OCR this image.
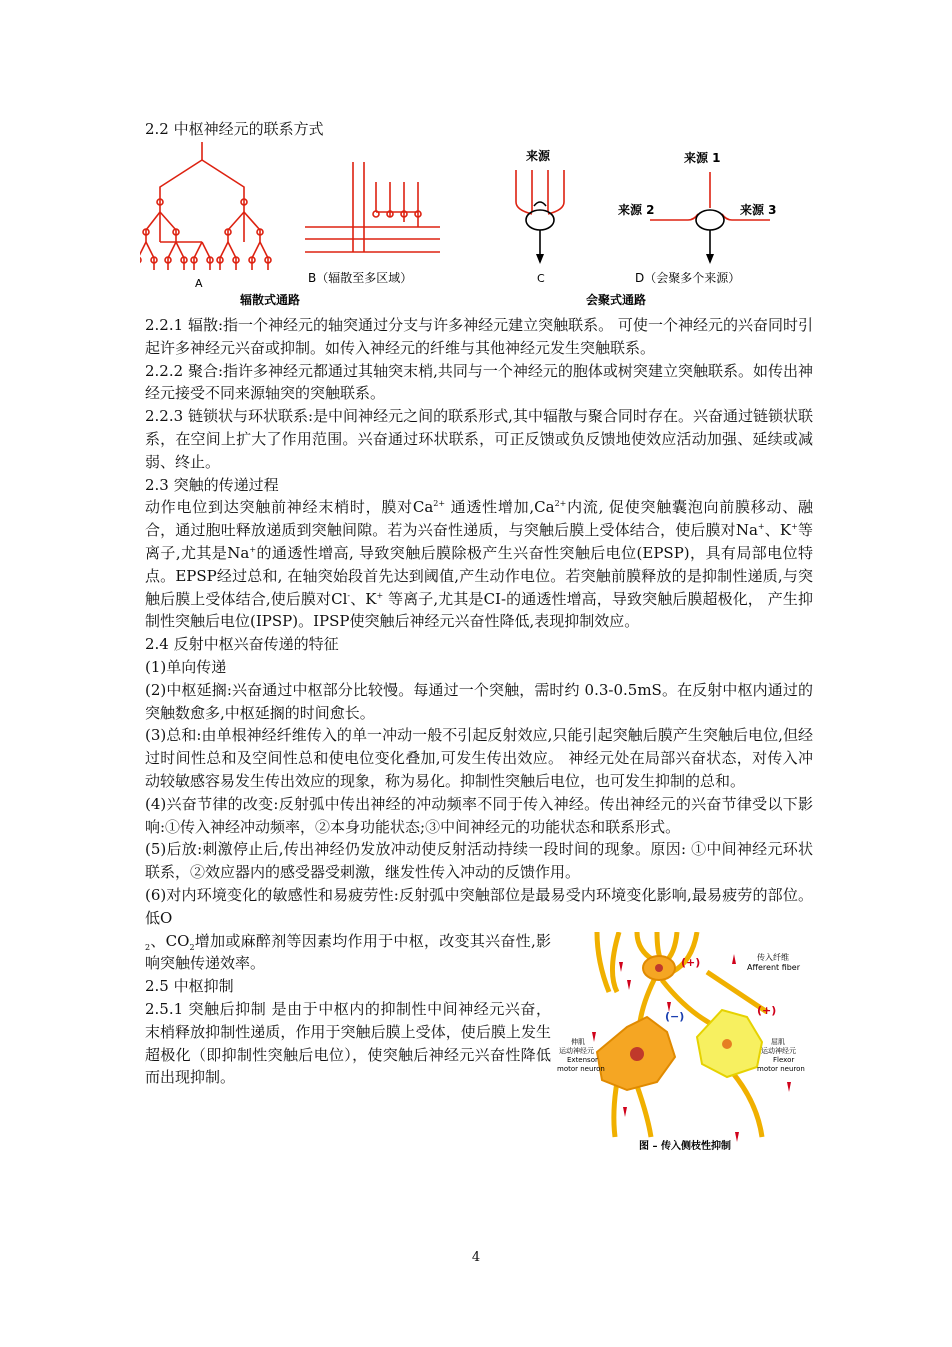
2.2 中枢神经元的联系方式
A	B（辐散至多区域）	C	D（会聚多个来源）
辐散式通路	会聚式通路
来源	来源 1
来源 2	来源 3

2.2.1 辐散:指一个神经元的轴突通过分支与许多神经元建立突触联系。 可使一个神经元的兴奋同时引起许多神经元兴奋或抑制。如传入神经元的纤维与其他神经元发生突触联系。

2.2.2 聚合:指许多神经元都通过其轴突末梢,共同与一个神经元的胞体或树突建立突触联系。如传出神经元接受不同来源轴突的突触联系。

2.2.3 链锁状与环状联系:是中间神经元之间的联系形式,其中辐散与聚合同时存在。兴奋通过链锁状联系，在空间上扩大了作用范围。兴奋通过环状联系，可正反馈或负反馈地使效应活动加强、延续或减弱、终止。

2.3 突触的传递过程

动作电位到达突触前神经末梢时，膜对$Ca^{2+}$ 通透性增加$,Ca^{2+}$内流, 促使突触囊泡向前膜移动、融合，通过胞吐释放递质到突触间隙。若为兴奋性递质，与突触后膜上受体结合，使后膜对Na+、K+等离子,尤其是Na+的通透性增高, 导致突触后膜除极产生兴奋性突触后电位(EPSP)，具有局部电位特点。EPSP经过总和, 在轴突始段首先达到阈值,产生动作电位。若突触前膜释放的是抑制性递质,与突触后膜上受体结合,使后膜对Cl-、K+ 等离子,尤其是CI-的通透性增高，导致突触后膜超极化， 产生抑制性突触后电位(IPSP)。IPSP使突触后神经元兴奋性降低,表现抑制效应。

2.4 反射中枢兴奋传递的特征

(1)单向传递

(2)中枢延搁:兴奋通过中枢部分比较慢。每通过一个突触，需时约 0.3-0.5mS。在反射中枢内通过的突触数愈多,中枢延搁的时间愈长。

(3)总和:由单根神经纤维传入的单一冲动一般不引起反射效应,只能引起突触后膜产生突触后电位,但经过时间性总和及空间性总和使电位变化叠加,可发生传出效应。 神经元处在局部兴奋状态，对传入冲动较敏感容易发生传出效应的现象，称为易化。抑制性突触后电位，也可发生抑制的总和。

(4)兴奋节律的改变:反射弧中传出神经的冲动频率不同于传入神经。传出神经元的兴奋节律受以下影响:①传入神经冲动频率，②本身功能状态;③中间神经元的功能状态和联系形式。

(5)后放:刺激停止后,传出神经仍发放冲动使反射活动持续一段时间的现象。原因: ①中间神经元环状联系，②效应器内的感受器受刺激，继发性传入冲动的反馈作用。

(6)对内环境变化的敏感性和易疲劳性:反射弧中突触部位是最易受内环境变化影响,最易疲劳的部位。低O

(+)
(−)	(+)
传入纤维
Afferent fiber
伸肌
运动神经元
Extensor
motor neuron
屈肌
运动神经元
Flexor
motor neuron
图 – 传入侧枝性抑制
$_2$、$CO_2$增加或麻醉剂等因素均作用于中枢，改变其兴奋性,影响突触传递效率。

2.5 中枢抑制

2.5.1 突触后抑制 是由于中枢内的抑制性中间神经元兴奋，末梢释放抑制性递质，作用于突触后膜上受体，使后膜上发生超极化（即抑制性突触后电位），使突触后神经元兴奋性降低而出现抑制。

4
